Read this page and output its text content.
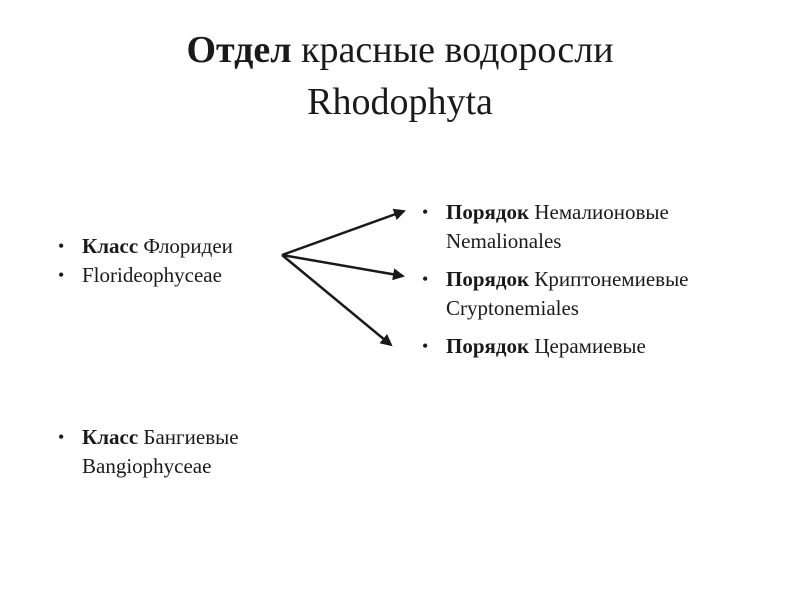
Отдел красные водоросли
Rhodophyta
• Класс Флоридеи
• Florideophyceae
• Класс Бангиевые
Bangiophyceae
• Порядок Немалионовые
Nemalionales
• Порядок Криптонемиевые
Cryptonemiales
• Порядок Церамиевые
